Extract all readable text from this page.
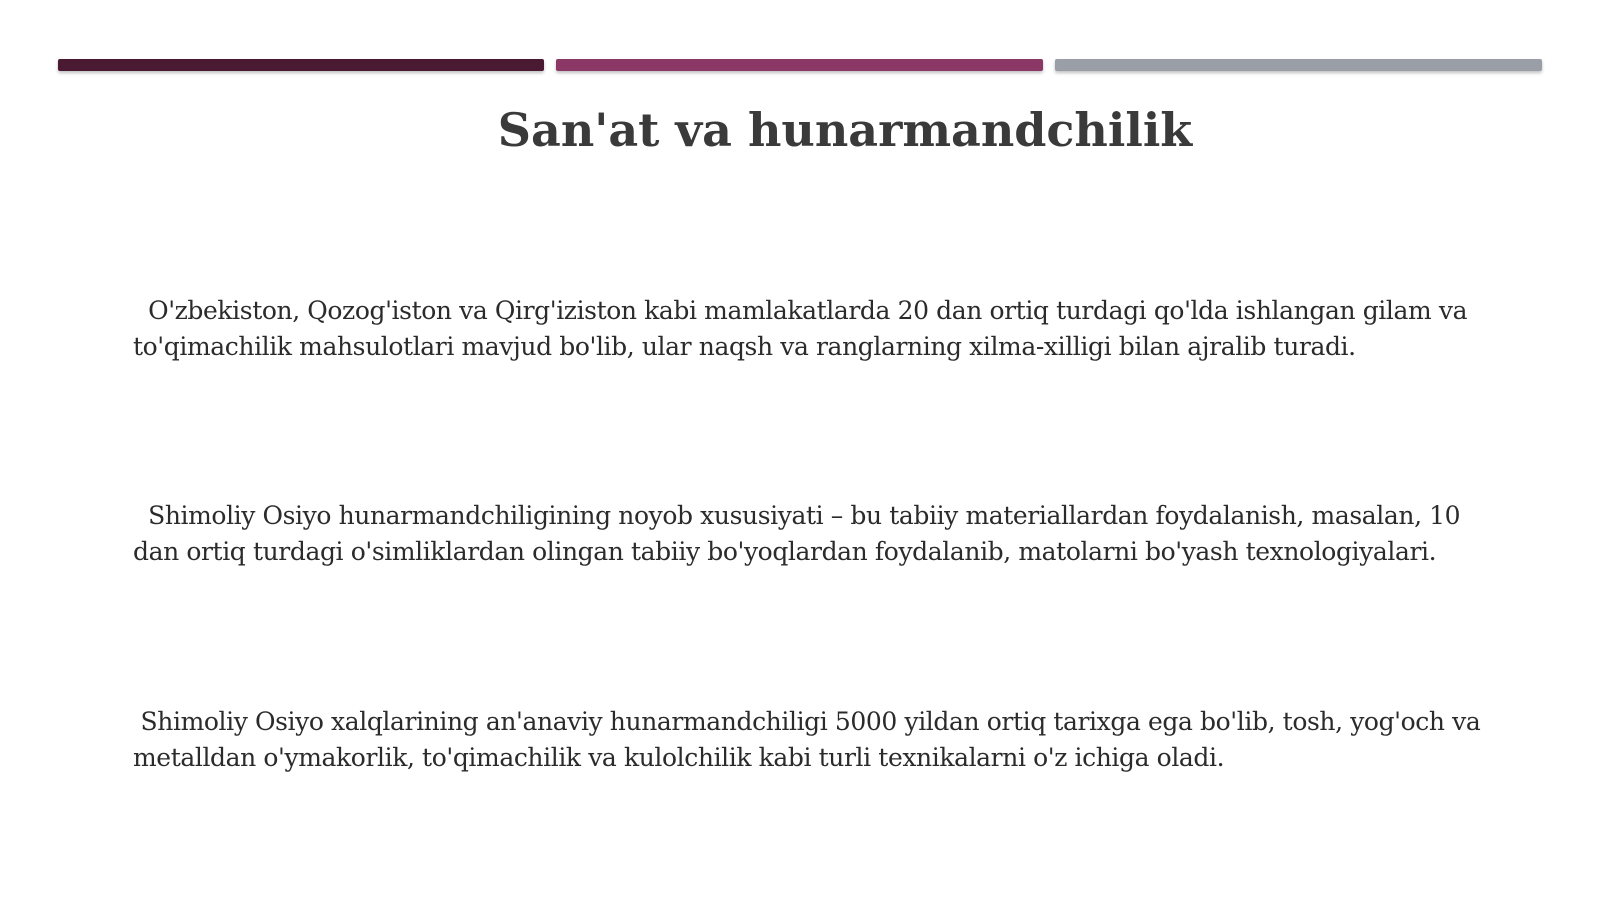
San'at va hunarmandchilik

O'zbekiston, Qozog'iston va Qirg'iziston kabi mamlakatlarda 20 dan ortiq turdagi qo'lda ishlangan gilam va to'qimachilik mahsulotlari mavjud bo'lib, ular naqsh va ranglarning xilma-xilligi bilan ajralib turadi.

Shimoliy Osiyo hunarmandchiligining noyob xususiyati – bu tabiiy materiallardan foydalanish, masalan, 10 dan ortiq turdagi o'simliklardan olingan tabiiy bo'yoqlardan foydalanib, matolarni bo'yash texnologiyalari.

Shimoliy Osiyo xalqlarining an'anaviy hunarmandchiligi 5000 yildan ortiq tarixga ega bo'lib, tosh, yog'och va metalldan o'ymakorlik, to'qimachilik va kulolchilik kabi turli texnikalarni o'z ichiga oladi.
